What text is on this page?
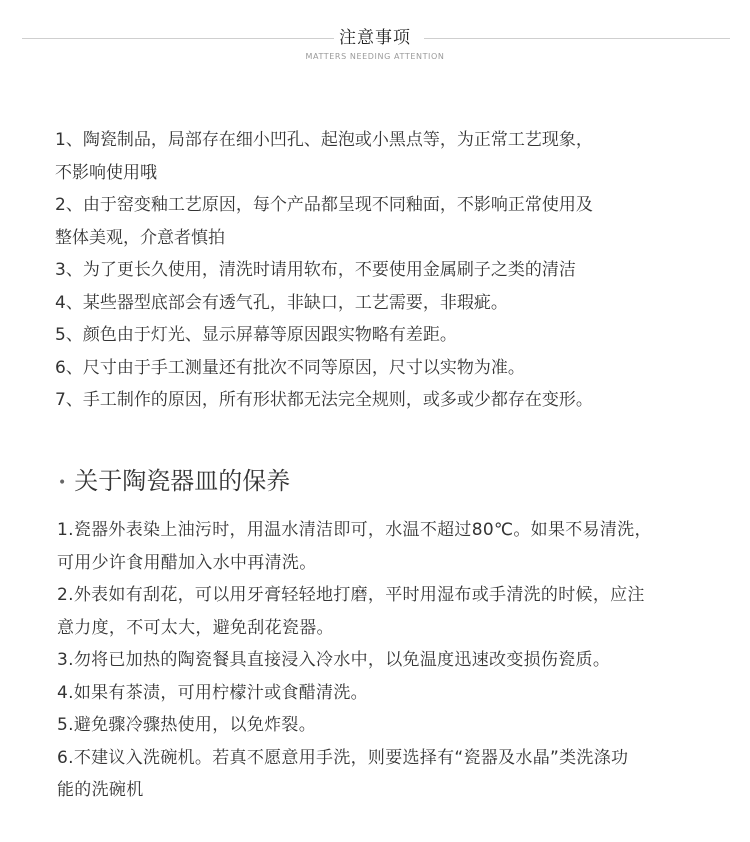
注意事项
MATTERS NEEDING ATTENTION
1、陶瓷制品，局部存在细小凹孔、起泡或小黑点等，为正常工艺现象，
不影响使用哦
2、由于窑变釉工艺原因，每个产品都呈现不同釉面，不影响正常使用及
整体美观，介意者慎拍
3、为了更长久使用，清洗时请用软布，不要使用金属刷子之类的清洁
4、某些器型底部会有透气孔，非缺口，工艺需要，非瑕疵。
5、颜色由于灯光、显示屏幕等原因跟实物略有差距。
6、尺寸由于手工测量还有批次不同等原因，尺寸以实物为准。
7、手工制作的原因，所有形状都无法完全规则，或多或少都存在变形。
• 关于陶瓷器皿的保养
1.瓷器外表染上油污时，用温水清洁即可，水温不超过80℃。如果不易清洗，
可用少许食用醋加入水中再清洗。
2.外表如有刮花，可以用牙膏轻轻地打磨，平时用湿布或手清洗的时候，应注
意力度，不可太大，避免刮花瓷器。
3.勿将已加热的陶瓷餐具直接浸入冷水中，以免温度迅速改变损伤瓷质。
4.如果有茶渍，可用柠檬汁或食醋清洗。
5.避免骤冷骤热使用，以免炸裂。
6.不建议入洗碗机。若真不愿意用手洗，则要选择有“瓷器及水晶”类洗涤功
能的洗碗机
